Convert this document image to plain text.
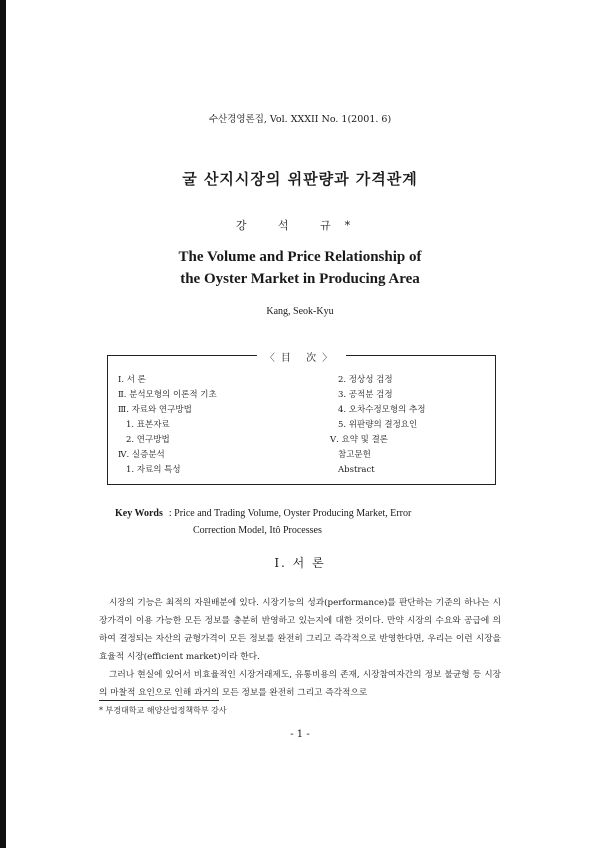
수산경영론집, Vol. XXXII No. 1(2001. 6)
굴 산지시장의 위판량과 가격관계
강 석 규*
The Volume and Price Relationship of
the Oyster Market in Producing Area
Kang, Seok-Kyu
〈目 次〉
Ⅰ. 서 론
Ⅱ. 분석모형의 이론적 기초
Ⅲ. 자료와 연구방법
1. 표본자료
2. 연구방법
Ⅳ. 실증분석
1. 자료의 특성
2. 정상성 검정
3. 공적분 검정
4. 오차수정모형의 추정
5. 위판량의 결정요인
Ⅴ. 요약 및 결론
참고문헌
Abstract
Key Words : Price and Trading Volume, Oyster Producing Market, Error
Correction Model, Itô Processes
Ⅰ. 서 론

시장의 기능은 최적의 자원배분에 있다. 시장기능의 성과(performance)를 판단하는 기준의 하나는 시장가격이 이용 가능한 모든 정보를 충분히 반영하고 있는지에 대한 것이다. 만약 시장의 수요와 공급에 의하여 결정되는 자산의 균형가격이 모든 정보를 완전히 그리고 즉각적으로 반영한다면, 우리는 이런 시장을 효율적 시장(efficient market)이라 한다.

그러나 현실에 있어서 비효율적인 시장거래제도, 유통비용의 존재, 시장참여자간의 정보 불균형 등 시장의 마찰적 요인으로 인해 과거의 모든 정보를 완전히 그리고 즉각적으로

* 부경대학교 해양산업정책학부 강사
- 1 -
